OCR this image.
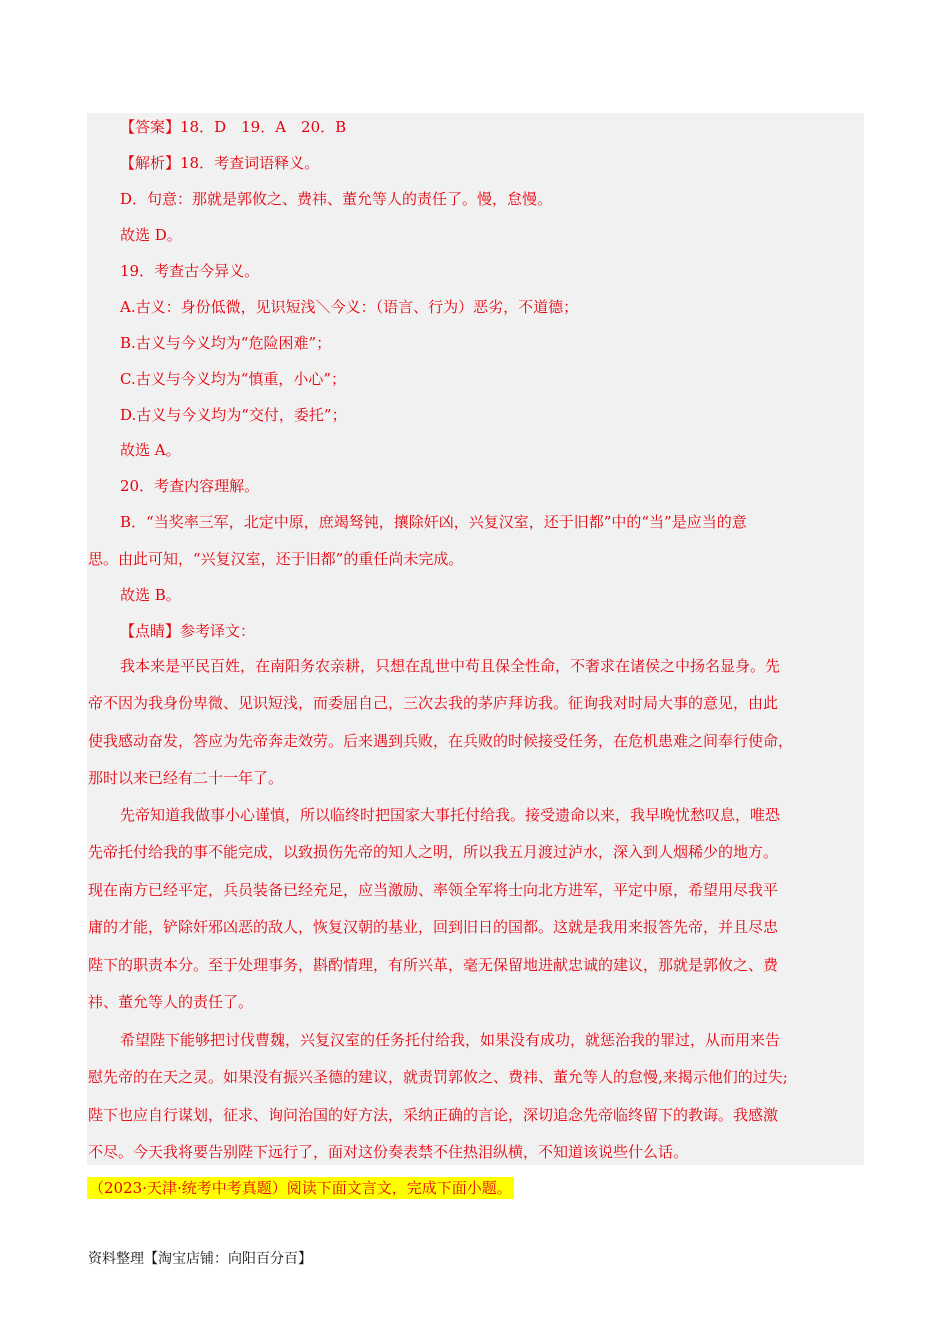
【答案】18．D　19．A　20．B
【解析】18．考查词语释义。
D．句意：那就是郭攸之、费祎、董允等人的责任了。慢，怠慢。
故选 D。
19．考查古今异义。
A.古义：身份低微，见识短浅＼今义：（语言、行为）恶劣，不道德；
B.古义与今义均为“危险困难”；
C.古义与今义均为“慎重，小心”；
D.古义与今义均为“交付，委托”；
故选 A。
20．考查内容理解。
B．“当奖率三军，北定中原，庶竭驽钝，攘除奸凶，兴复汉室，还于旧都”中的“当”是应当的意
思。由此可知，“兴复汉室，还于旧都”的重任尚未完成。
故选 B。
【点睛】参考译文：
我本来是平民百姓，在南阳务农亲耕，只想在乱世中苟且保全性命，不奢求在诸侯之中扬名显身。先
帝不因为我身份卑微、见识短浅，而委屈自己，三次去我的茅庐拜访我。征询我对时局大事的意见，由此
使我感动奋发，答应为先帝奔走效劳。后来遇到兵败，在兵败的时候接受任务，在危机患难之间奉行使命，
那时以来已经有二十一年了。
先帝知道我做事小心谨慎，所以临终时把国家大事托付给我。接受遗命以来，我早晚忧愁叹息，唯恐
先帝托付给我的事不能完成，以致损伤先帝的知人之明，所以我五月渡过泸水，深入到人烟稀少的地方。
现在南方已经平定，兵员装备已经充足，应当激励、率领全军将士向北方进军，平定中原，希望用尽我平
庸的才能，铲除奸邪凶恶的敌人，恢复汉朝的基业，回到旧日的国都。这就是我用来报答先帝，并且尽忠
陛下的职责本分。至于处理事务，斟酌情理，有所兴革，毫无保留地进献忠诚的建议，那就是郭攸之、费
祎、董允等人的责任了。
希望陛下能够把讨伐曹魏，兴复汉室的任务托付给我，如果没有成功，就惩治我的罪过，从而用来告
慰先帝的在天之灵。如果没有振兴圣德的建议，就责罚郭攸之、费祎、董允等人的怠慢,来揭示他们的过失;
陛下也应自行谋划，征求、询问治国的好方法，采纳正确的言论，深切追念先帝临终留下的教诲。我感激
不尽。今天我将要告别陛下远行了，面对这份奏表禁不住热泪纵横，不知道该说些什么话。
（2023·天津·统考中考真题）阅读下面文言文，完成下面小题。
资料整理【淘宝店铺：向阳百分百】
